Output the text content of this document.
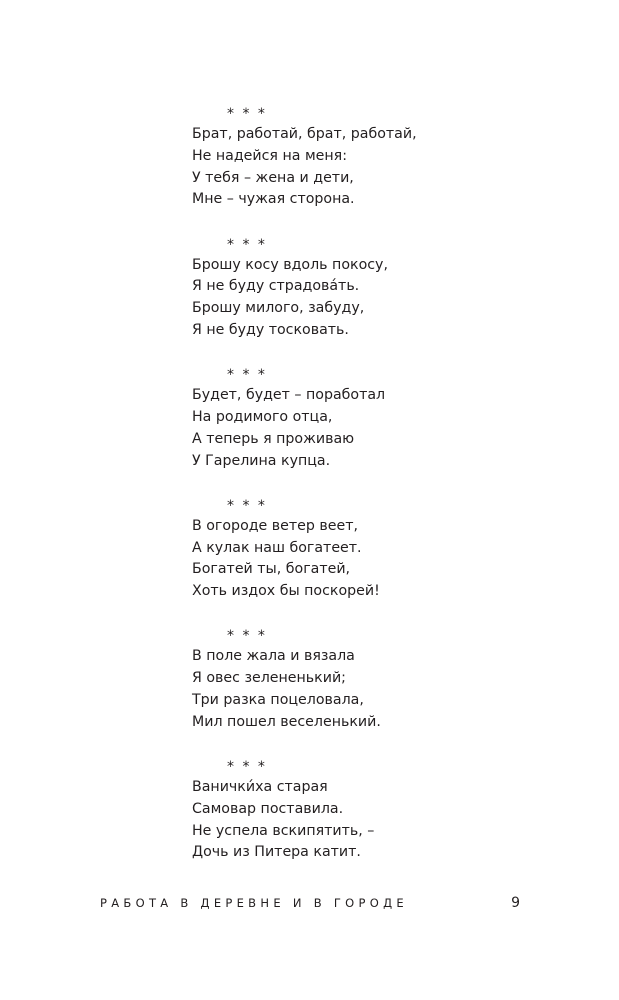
* * *
Брат, работай, брат, работай,
Не надейся на меня:
У тебя – жена и дети,
Мне – чужая сторона.
* * *
Брошу косу вдоль покосу,
Я не буду страдова́ть.
Брошу милого, забуду,
Я не буду тосковать.
* * *
Будет, будет – поработал
На родимого отца,
А теперь я проживаю
У Гарелина купца.
* * *
В огороде ветер веет,
А кулак наш богатеет.
Богатей ты, богатей,
Хоть издох бы поскорей!
* * *
В поле жала и вязала
Я овес зелененький;
Три разка поцеловала,
Мил пошел веселенький.
* * *
Ванички́ха старая
Самовар поставила.
Не успела вскипятить, –
Дочь из Питера катит.
РАБОТА В ДЕРЕВНЕ И В ГОРОДЕ	9
